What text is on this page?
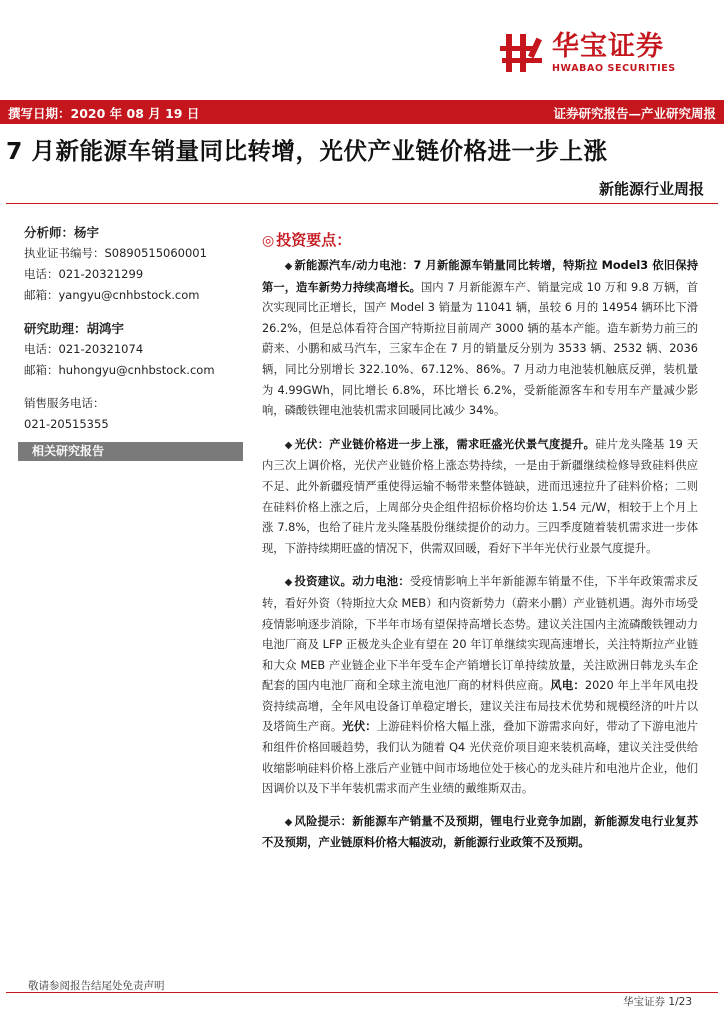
华宝证券
HWABAO SECURITIES
撰写日期：2020 年 08 月 19 日	证券研究报告—产业研究周报
7 月新能源车销量同比转增，光伏产业链价格进一步上涨
新能源行业周报
分析师：杨宇
执业证书编号：S0890515060001
电话：021-20321299
邮箱：yangyu@cnhbstock.com
研究助理：胡鸿宇
电话：021-20321074
邮箱：huhongyu@cnhbstock.com
销售服务电话：
021-20515355
相关研究报告
◎ 投资要点：
◆ 新能源汽车/动力电池：7 月新能源车销量同比转增，特斯拉 Model3 依旧保持第一，造车新势力持续高增长。国内 7 月新能源车产、销量完成 10 万和 9.8 万辆，首次实现同比正增长，国产 Model 3 销量为 11041 辆，虽较 6 月的 14954 辆环比下滑 26.2%，但是总体看符合国产特斯拉目前周产 3000 辆的基本产能。造车新势力前三的蔚来、小鹏和威马汽车，三家车企在 7 月的销量反分别为 3533 辆、2532 辆、2036 辆，同比分别增长 322.10%、67.12%、86%。7 月动力电池装机触底反弹，装机量为 4.99GWh，同比增长 6.8%，环比增长 6.2%，受新能源客车和专用车产量减少影响，磷酸铁锂电池装机需求回暖同比减少 34%。
◆ 光伏：产业链价格进一步上涨，需求旺盛光伏景气度提升。硅片龙头隆基 19 天内三次上调价格，光伏产业链价格上涨态势持续，一是由于新疆继续检修导致硅料供应不足、此外新疆疫情严重使得运输不畅带来整体链缺，进而迅速拉升了硅料价格；二则在硅料价格上涨之后，上周部分央企组件招标价格均价达 1.54 元/W，相较于上个月上涨 7.8%，也给了硅片龙头隆基股份继续提价的动力。三四季度随着装机需求进一步体现，下游持续期旺盛的情况下，供需双回暖，看好下半年光伏行业景气度提升。
◆ 投资建议。动力电池：受疫情影响上半年新能源车销量不佳，下半年政策需求反转，看好外资（特斯拉大众 MEB）和内资新势力（蔚来小鹏）产业链机遇。海外市场受疫情影响逐步消除，下半年市场有望保持高增长态势。建议关注国内主流磷酸铁锂动力电池厂商及 LFP 正极龙头企业有望在 20 年订单继续实现高速增长，关注特斯拉产业链和大众 MEB 产业链企业下半年受车企产销增长订单持续放量，关注欧洲日韩龙头车企配套的国内电池厂商和全球主流电池厂商的材料供应商。风电：2020 年上半年风电投资持续高增，全年风电设备订单稳定增长，建议关注布局技术优势和规模经济的叶片以及塔筒生产商。光伏：上游硅料价格大幅上涨，叠加下游需求向好，带动了下游电池片和组件价格回暖趋势，我们认为随着 Q4 光伏竞价项目迎来装机高峰，建议关注受供给收缩影响硅料价格上涨后产业链中间市场地位处于核心的龙头硅片和电池片企业，他们因调价以及下半年装机需求而产生业绩的戴维斯双击。
◆ 风险提示：新能源车产销量不及预期，锂电行业竞争加剧，新能源发电行业复苏不及预期，产业链原料价格大幅波动，新能源行业政策不及预期。
敬请参阅报告结尾处免责声明
华宝证券 1/23
